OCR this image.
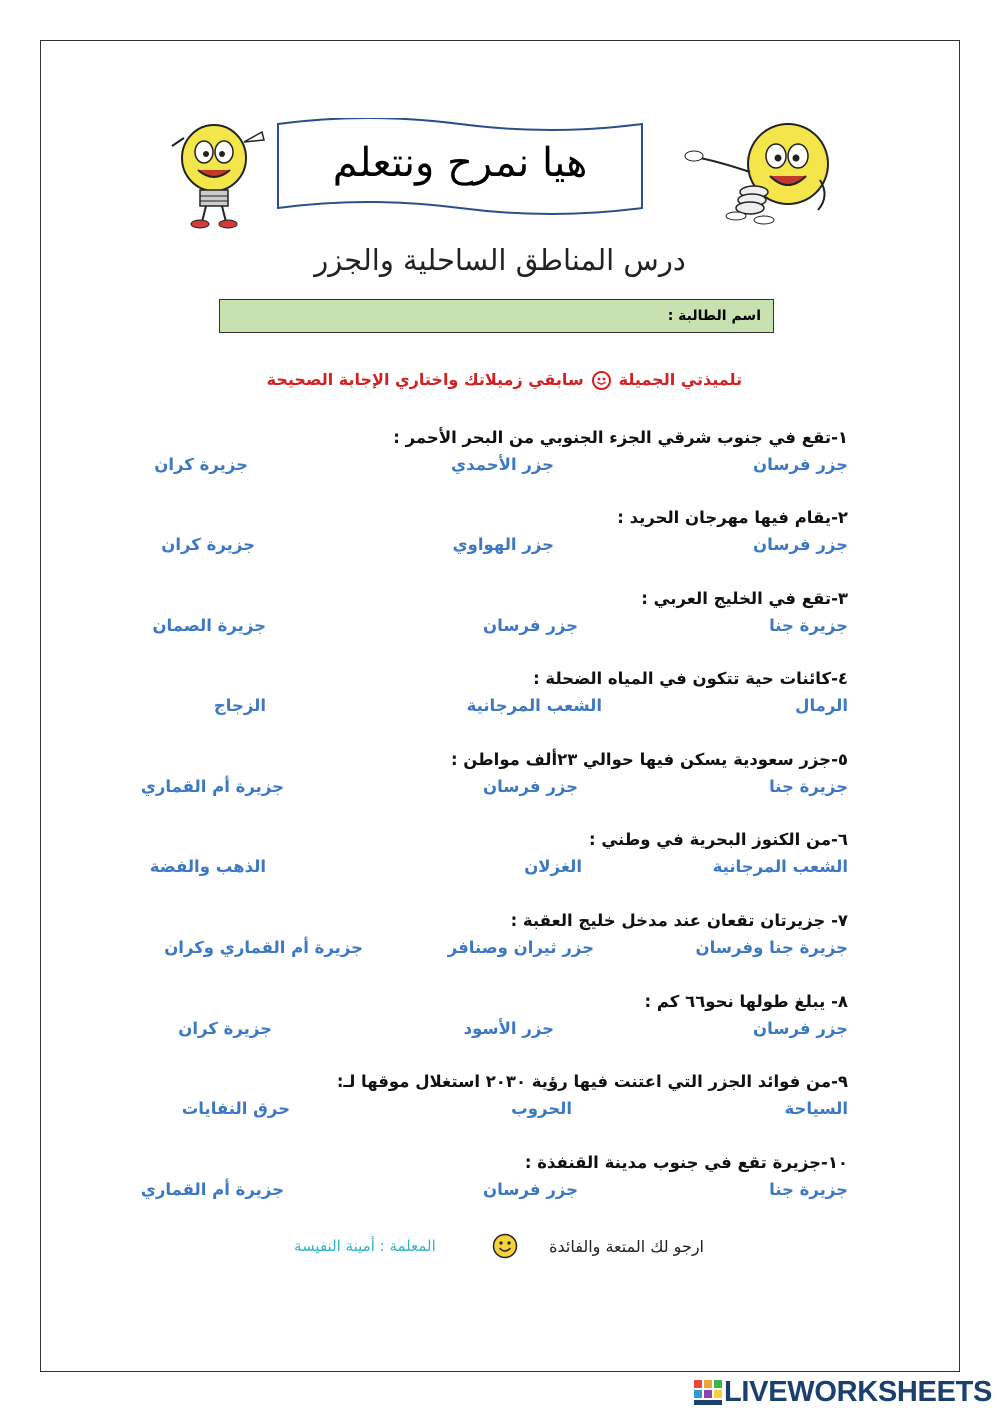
هيا نمرح ونتعلم
درس المناطق الساحلية والجزر
اسم الطالبة :
تلميذتي الجميلة
سابقي زميلاتك واختاري الإجابة الصحيحة
١-تقع في جنوب شرقي الجزء الجنوبي من البحر الأحمر :
جزر فرسان
جزر الأحمدي
جزيرة كران
٢-يقام فيها مهرجان الحريد :
جزر فرسان
جزر الهواوي
جزيرة كران
٣-تقع في الخليج العربي :
جزيرة جنا
جزر فرسان
جزيرة الصمان
٤-كائنات حية تتكون في المياه الضحلة :
الرمال
الشعب المرجانية
الزجاج
٥-جزر سعودية يسكن فيها حوالي ٢٣ألف مواطن :
جزيرة جنا
جزر فرسان
جزيرة أم القماري
٦-من الكنوز البحرية في وطني :
الشعب المرجانية
الغزلان
الذهب والفضة
٧- جزيرتان تقعان عند مدخل خليج العقبة :
جزيرة جنا وفرسان
جزر ثيران وصنافر
جزيرة أم القماري وكران
٨- يبلغ طولها نحو٦٦ كم :
جزر فرسان
جزر الأسود
جزيرة كران
٩-من فوائد الجزر التي اعتنت فيها رؤية ٢٠٣٠ استغلال موقها لـ:
السياحة
الحروب
حرق النفايات
١٠-جزيرة تقع في جنوب مدينة القنفذة :
جزيرة جنا
جزر فرسان
جزيرة أم القماري
ارجو لك المتعة والفائدة
المعلمة : أمينة النفيسة
LIVEWORKSHEETS
